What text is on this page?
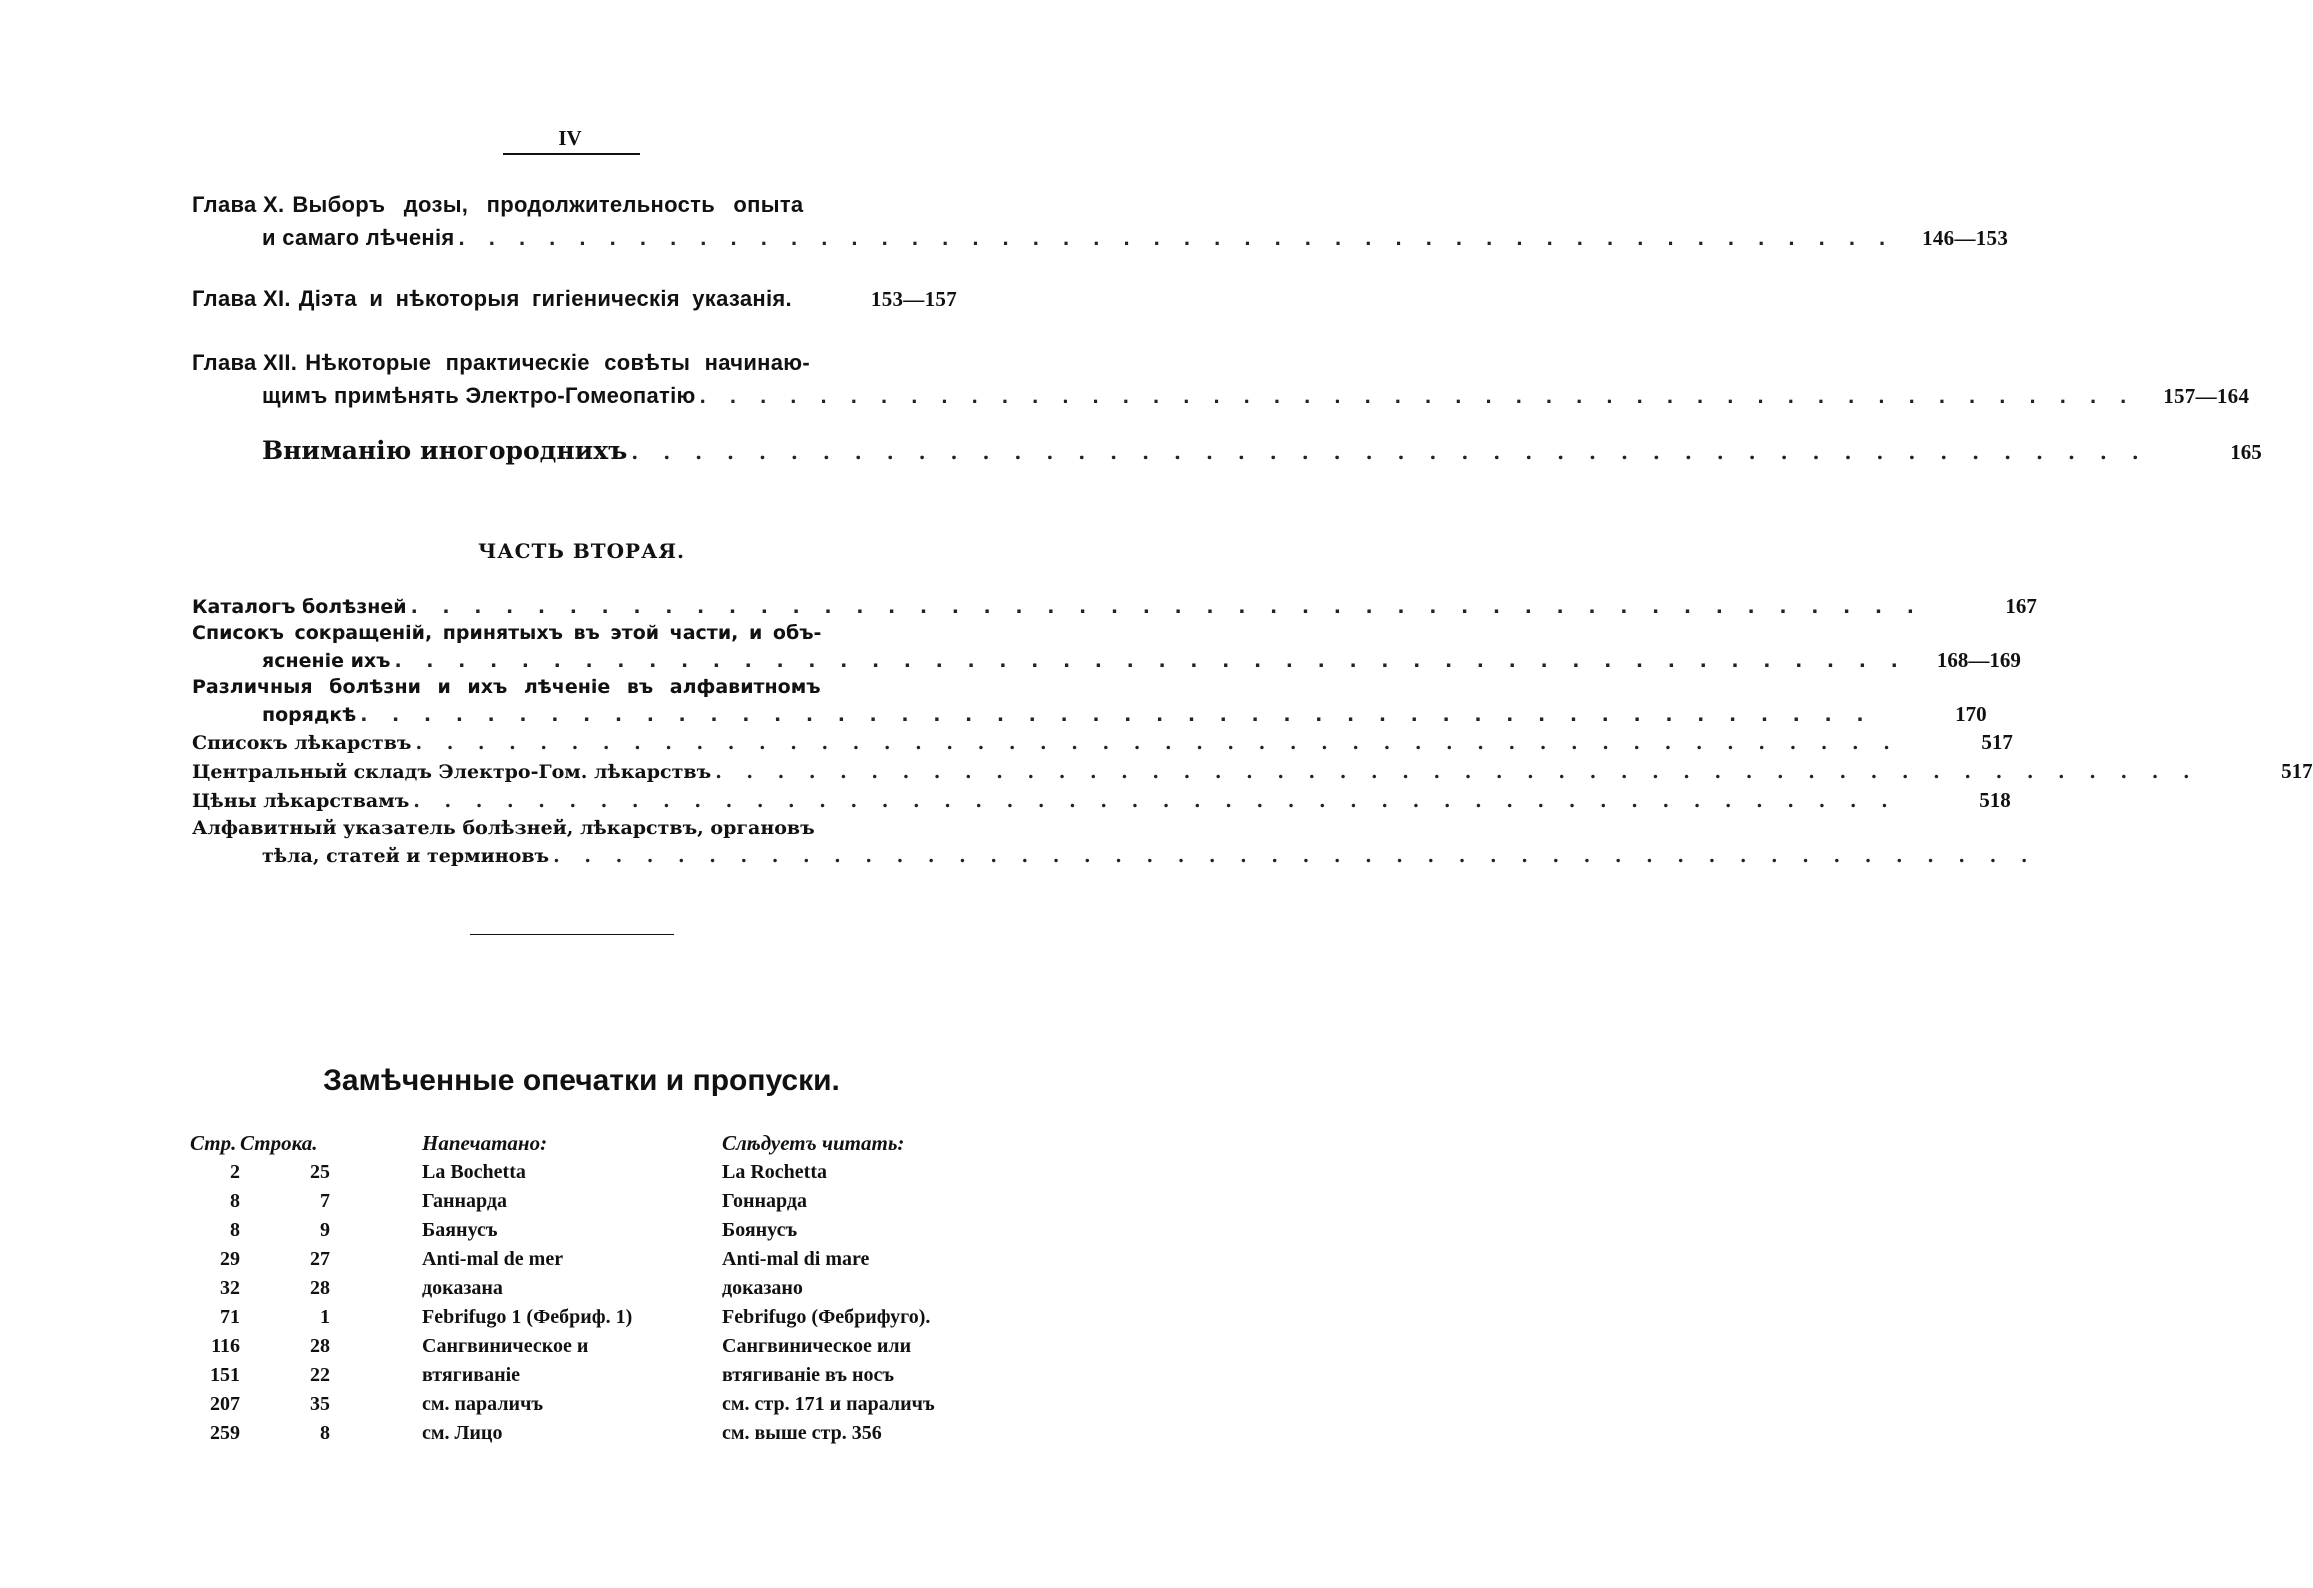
IV
Глава X. Выборъ дозы, продолжительность опыта
и самаго лѣченія . . . . . . . . . . . . . . . . . . . . . . . . . . . . . . . . . . . . . . . . . . . . . . . .	146—153
Глава XI. Діэта и нѣкоторыя гигіеническія указанія.	153—157
Глава XII. Нѣкоторые практическіе совѣты начинаю-
щимъ примѣнять Электро-Гомеопатію . . . . . . . . . . . . . . . . . . . . . . . . . . . . . . . . . . . . . . . . . . . . . . . .	157—164
Вниманію иногороднихъ . . . . . . . . . . . . . . . . . . . . . . . . . . . . . . . . . . . . . . . . . . . . . . . .	165
ЧАСТЬ ВТОРАЯ.
Каталогъ болѣзней . . . . . . . . . . . . . . . . . . . . . . . . . . . . . . . . . . . . . . . . . . . . . . . .	167
Списокъ сокращеній, принятыхъ въ этой части, и объ-
ясненіе ихъ . . . . . . . . . . . . . . . . . . . . . . . . . . . . . . . . . . . . . . . . . . . . . . . .	168—169
Различныя болѣзни и ихъ лѣченіе въ алфавитномъ
порядкѣ . . . . . . . . . . . . . . . . . . . . . . . . . . . . . . . . . . . . . . . . . . . . . . . .	170
Списокъ лѣкарствъ . . . . . . . . . . . . . . . . . . . . . . . . . . . . . . . . . . . . . . . . . . . . . . . .	517
Центральный складъ Электро-Гом. лѣкарствъ . . . . . . . . . . . . . . . . . . . . . . . . . . . . . . . . . . . . . . . . . . . . . . . .	517
Цѣны лѣкарствамъ . . . . . . . . . . . . . . . . . . . . . . . . . . . . . . . . . . . . . . . . . . . . . . . .	518
Алфавитный указатель болѣзней, лѣкарствъ, органовъ
тѣла, статей и терминовъ . . . . . . . . . . . . . . . . . . . . . . . . . . . . . . . . . . . . . . . . . . . . . . . .
Замѣченные опечатки и пропуски.
Стр.	Строка.	Напечатано:	Слѣдуетъ читать:
2	25	La Bochetta	La Rochetta
8	7	Ганнарда	Гоннарда
8	9	Баянусъ	Боянусъ
29	27	Anti-mal de mer	Anti-mal di mare
32	28	доказана	доказано
71	1	Febrifugo 1 (Фебриф. 1)	Febrifugo (Фебрифуго).
116	28	Сангвиническое и	Сангвиническое или
151	22	втягиваніе	втягиваніе въ носъ
207	35	см. параличъ	см. стр. 171 и параличъ
259	8	см. Лицо	см. выше стр. 356
